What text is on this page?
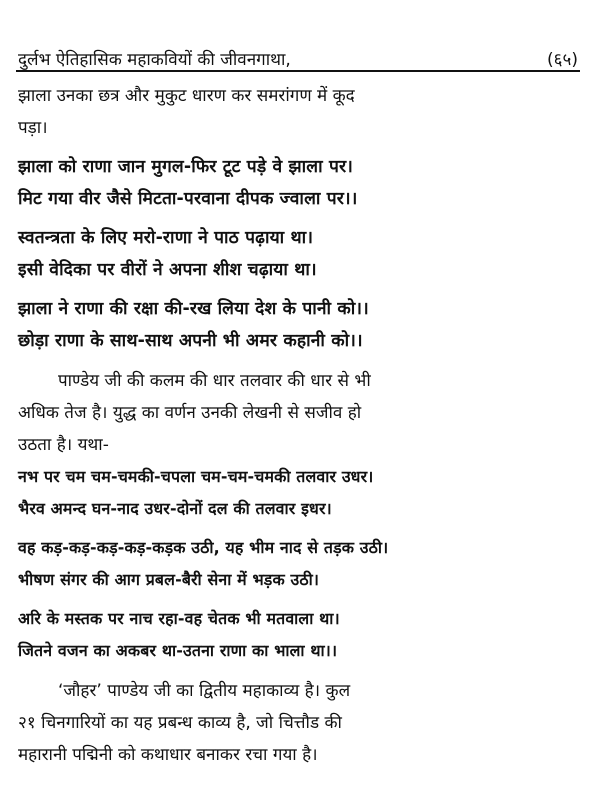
दुर्लभ ऐतिहासिक महाकवियों की जीवनगाथा,	(६५)

झाला उनका छत्र और मुकुट धारण कर समरांगण में कूद

पड़ा।

झाला को राणा जान मुगल-फिर टूट पड़े वे झाला पर।
मिट गया वीर जैसे मिटता-परवाना दीपक ज्वाला पर।।
स्वतन्त्रता के लिए मरो-राणा ने पाठ पढ़ाया था।
इसी वेदिका पर वीरों ने अपना शीश चढ़ाया था।
झाला ने राणा की रक्षा की-रख लिया देश के पानी को।।
छोड़ा राणा के साथ-साथ अपनी भी अमर कहानी को।।

पाण्डेय जी की कलम की धार तलवार की धार से भी

अधिक तेज है। युद्ध का वर्णन उनकी लेखनी से सजीव हो

उठता है। यथा-

नभ पर चम चम-चमकी-चपला चम-चम-चमकी तलवार उधर।
भैरव अमन्द घन-नाद उधर-दोनों दल की तलवार इधर।
वह कड़-कड़-कड़-कड़-कड़क उठी, यह भीम नाद से तड़क उठी।
भीषण संगर की आग प्रबल-बैरी सेना में भड़क उठी।
अरि के मस्तक पर नाच रहा-वह चेतक भी मतवाला था।
जितने वजन का अकबर था-उतना राणा का भाला था।।

‘जौहर’ पाण्डेय जी का द्वितीय महाकाव्य है। कुल

२१ चिनगारियों का यह प्रबन्ध काव्य है, जो चित्तौड की

महारानी पद्मिनी को कथाधार बनाकर रचा गया है।
